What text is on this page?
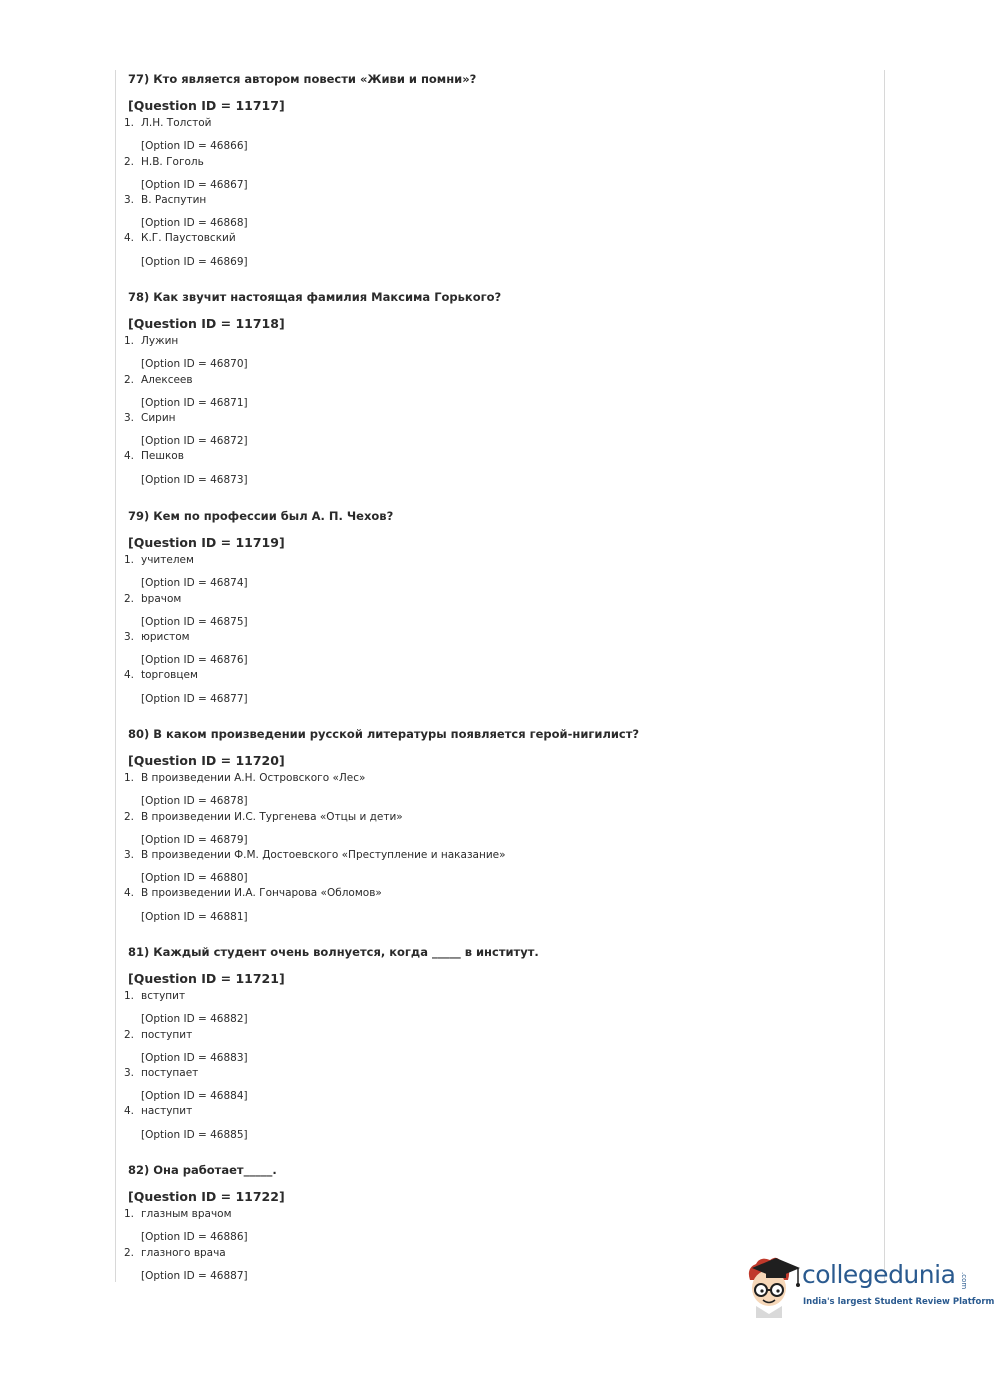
77) Кто является автором повести «Живи и помни»?
[Question ID = 11717]
1. Л.Н. Толстой
[Option ID = 46866]
2. Н.В. Гоголь
[Option ID = 46867]
3. В. Распутин
[Option ID = 46868]
4. К.Г. Паустовский
[Option ID = 46869]
78) Как звучит настоящая фамилия Максима Горького?
[Question ID = 11718]
1. Лужин
[Option ID = 46870]
2. Алексеев
[Option ID = 46871]
3. Сирин
[Option ID = 46872]
4. Пешков
[Option ID = 46873]
79) Кем по профессии был А. П. Чехов?
[Question ID = 11719]
1. учителем
[Option ID = 46874]
2. bрачом
[Option ID = 46875]
3. юристом
[Option ID = 46876]
4. tорговцем
[Option ID = 46877]
80) В каком произведении русской литературы появляется герой-нигилист?
[Question ID = 11720]
1. В произведении А.Н. Островского «Лес»
[Option ID = 46878]
2. В произведении И.С. Тургенева «Отцы и дети»
[Option ID = 46879]
3. В произведении Ф.М. Достоевского «Преступление и наказание»
[Option ID = 46880]
4. В произведении И.А. Гончарова «Обломов»
[Option ID = 46881]
81) Каждый студент очень волнуется, когда _____ в институт.
[Question ID = 11721]
1. вступит
[Option ID = 46882]
2. поступит
[Option ID = 46883]
3. поступает
[Option ID = 46884]
4. наступит
[Option ID = 46885]
82) Она работает_____.
[Question ID = 11722]
1. глазным врачом
[Option ID = 46886]
2. глазного врача
[Option ID = 46887]	collegedunia .com
India's largest Student Review Platform
